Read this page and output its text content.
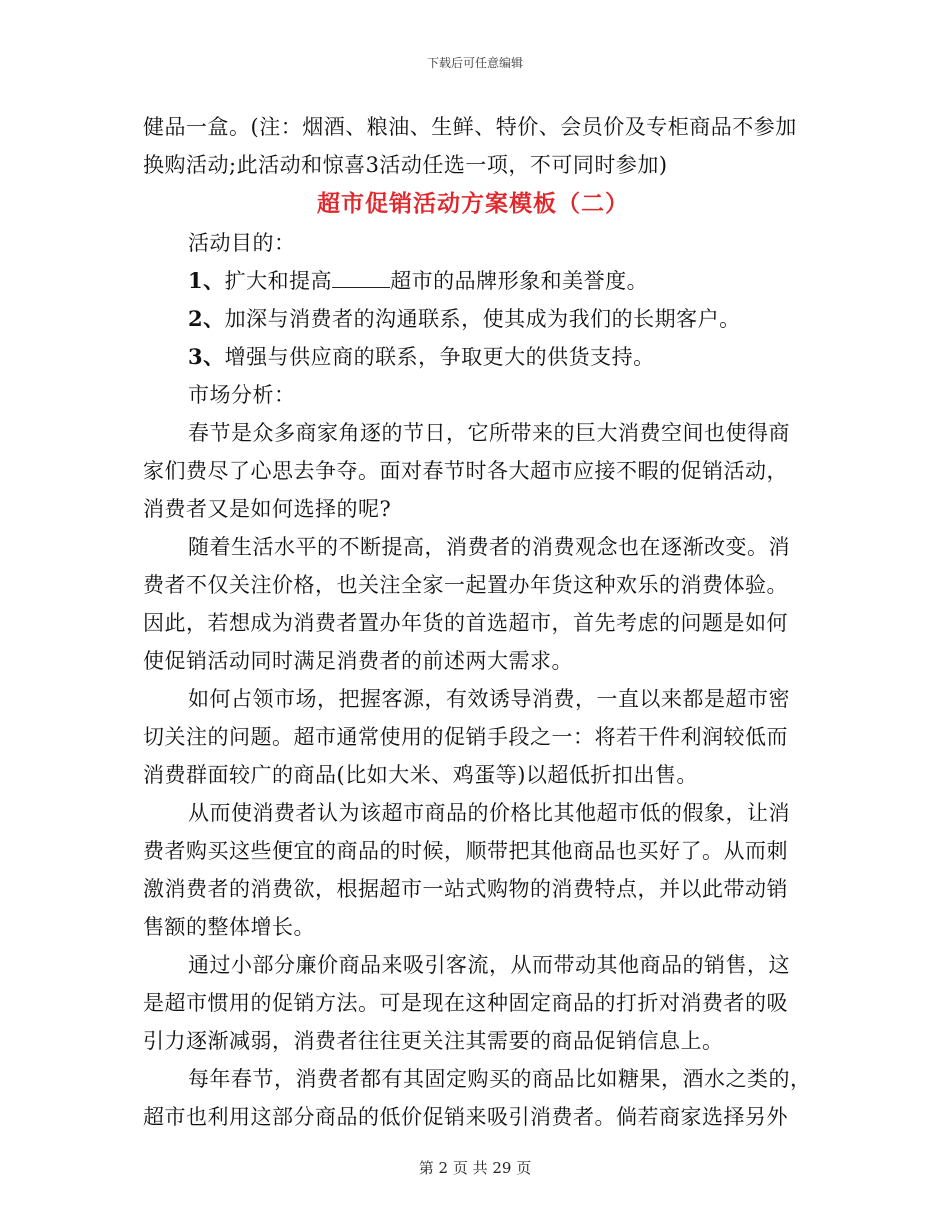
下载后可任意编辑
健品一盒。(注：烟酒、粮油、生鲜、特价、会员价及专柜商品不参加
换购活动;此活动和惊喜3活动任选一项，不可同时参加)
超市促销活动方案模板（二）
活动目的：
1、扩大和提高	超市的品牌形象和美誉度。
2、加深与消费者的沟通联系，使其成为我们的长期客户。
3、增强与供应商的联系，争取更大的供货支持。
市场分析：
春节是众多商家角逐的节日，它所带来的巨大消费空间也使得商
家们费尽了心思去争夺。面对春节时各大超市应接不暇的促销活动，
消费者又是如何选择的呢?
随着生活水平的不断提高，消费者的消费观念也在逐渐改变。消
费者不仅关注价格，也关注全家一起置办年货这种欢乐的消费体验。
因此，若想成为消费者置办年货的首选超市，首先考虑的问题是如何
使促销活动同时满足消费者的前述两大需求。
如何占领市场，把握客源，有效诱导消费，一直以来都是超市密
切关注的问题。超市通常使用的促销手段之一：将若干件利润较低而
消费群面较广的商品(比如大米、鸡蛋等)以超低折扣出售。
从而使消费者认为该超市商品的价格比其他超市低的假象，让消
费者购买这些便宜的商品的时候，顺带把其他商品也买好了。从而刺
激消费者的消费欲，根据超市一站式购物的消费特点，并以此带动销
售额的整体增长。
通过小部分廉价商品来吸引客流，从而带动其他商品的销售，这
是超市惯用的促销方法。可是现在这种固定商品的打折对消费者的吸
引力逐渐减弱，消费者往往更关注其需要的商品促销信息上。
每年春节，消费者都有其固定购买的商品比如糖果，酒水之类的，
超市也利用这部分商品的低价促销来吸引消费者。倘若商家选择另外
第 2 页 共 29 页
